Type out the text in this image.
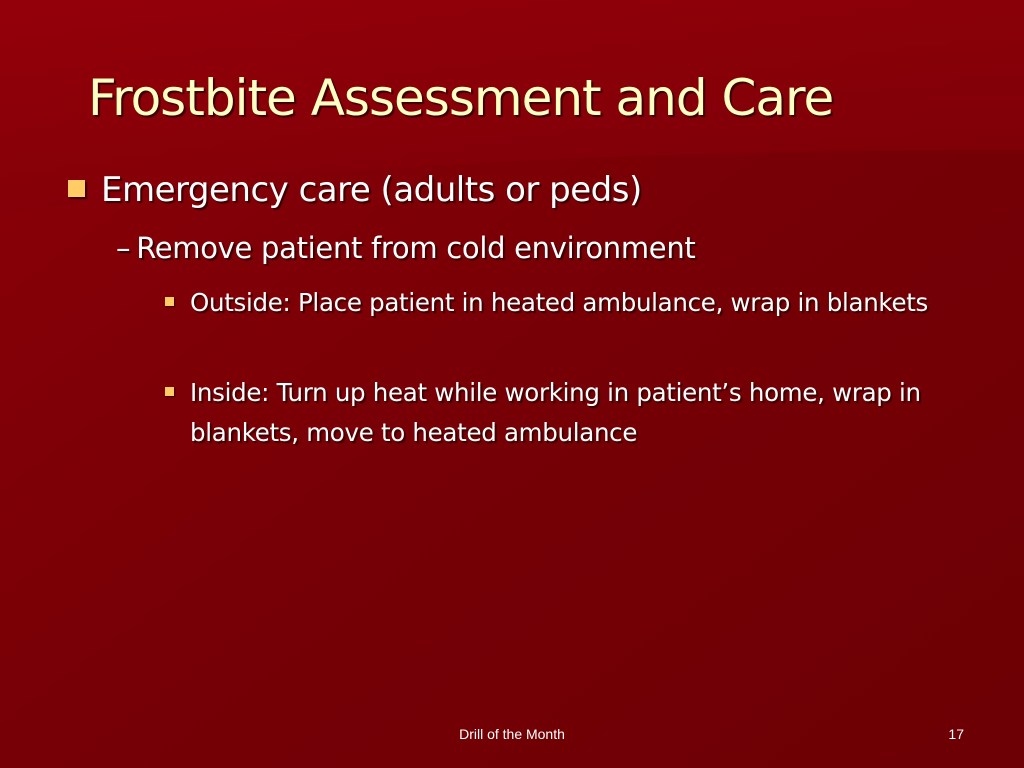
Frostbite Assessment and Care
Emergency care (adults or peds)
– Remove patient from cold environment
Outside: Place patient in heated ambulance, wrap in blankets
Inside: Turn up heat while working in patient’s home, wrap in blankets, move to heated ambulance
Drill of the Month	17
